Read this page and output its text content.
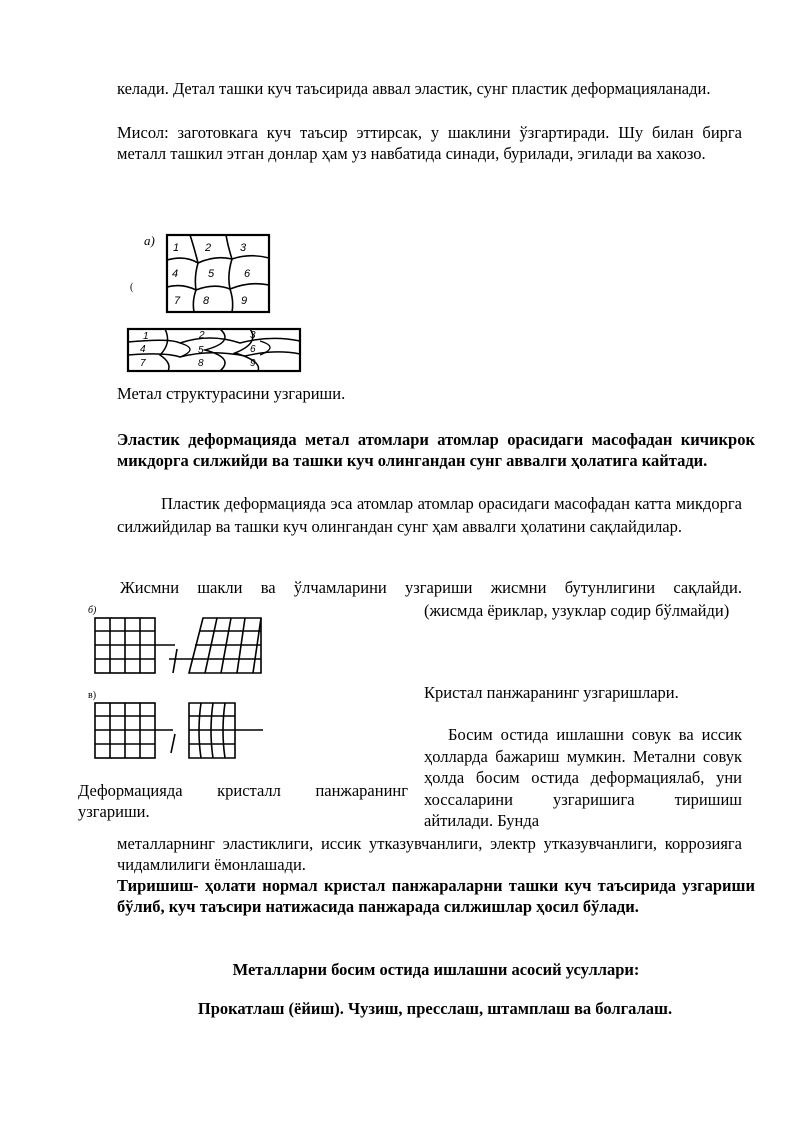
келади. Детал ташки куч таъсирида аввал эластик, сунг пластик деформацияланади.
Мисол: заготовкага куч таъсир эттирсак, у шаклини ўзгартиради. Шу билан бирга металл ташкил этган донлар ҳам уз навбатида синади, бурилади, эгилади ва хакозо.
а)
(
1 2	3
4	5	6
7 8	9
1	2	3
4	5	6
7	8	9
Метал структурасини узгариши.
Эластик деформацияда метал атомлари атомлар орасидаги масофадан кичикрок микдорга силжийди ва ташки куч олингандан сунг аввалги ҳолатига кайтади.
Пластик деформацияда эса атомлар атомлар орасидаги масофадан катта микдорга силжийдилар ва ташки куч олингандан сунг ҳам аввалги ҳолатини сақлайдилар.
Жисмни шакли ва ўлчамларини узгариши жисмни бутунлигини сақлайди.
(жисмда ёриклар, узуклар содир бўлмайди)
б)
в)	Кристал панжаранинг узгаришлари.
Босим остида ишлашни совук ва иссик ҳолларда бажариш мумкин. Метални совук ҳолда босим остида деформациялаб, уни хоссаларини узгаришига тиришиш айтилади. Бунда
Деформацияда кристалл панжаранинг узгариши.
металларнинг эластиклиги, иссик утказувчанлиги, электр утказувчанлиги, коррозияга чидамлилиги ёмонлашади.
Тиришиш- ҳолати нормал кристал панжараларни ташки куч таъсирида узгариши бўлиб, куч таъсири натижасида панжарада силжишлар ҳосил бўлади.
Металларни босим остида ишлашни асосий усуллари:
Прокатлаш (ёйиш). Чузиш, пресслаш, штамплаш ва болгалаш.
